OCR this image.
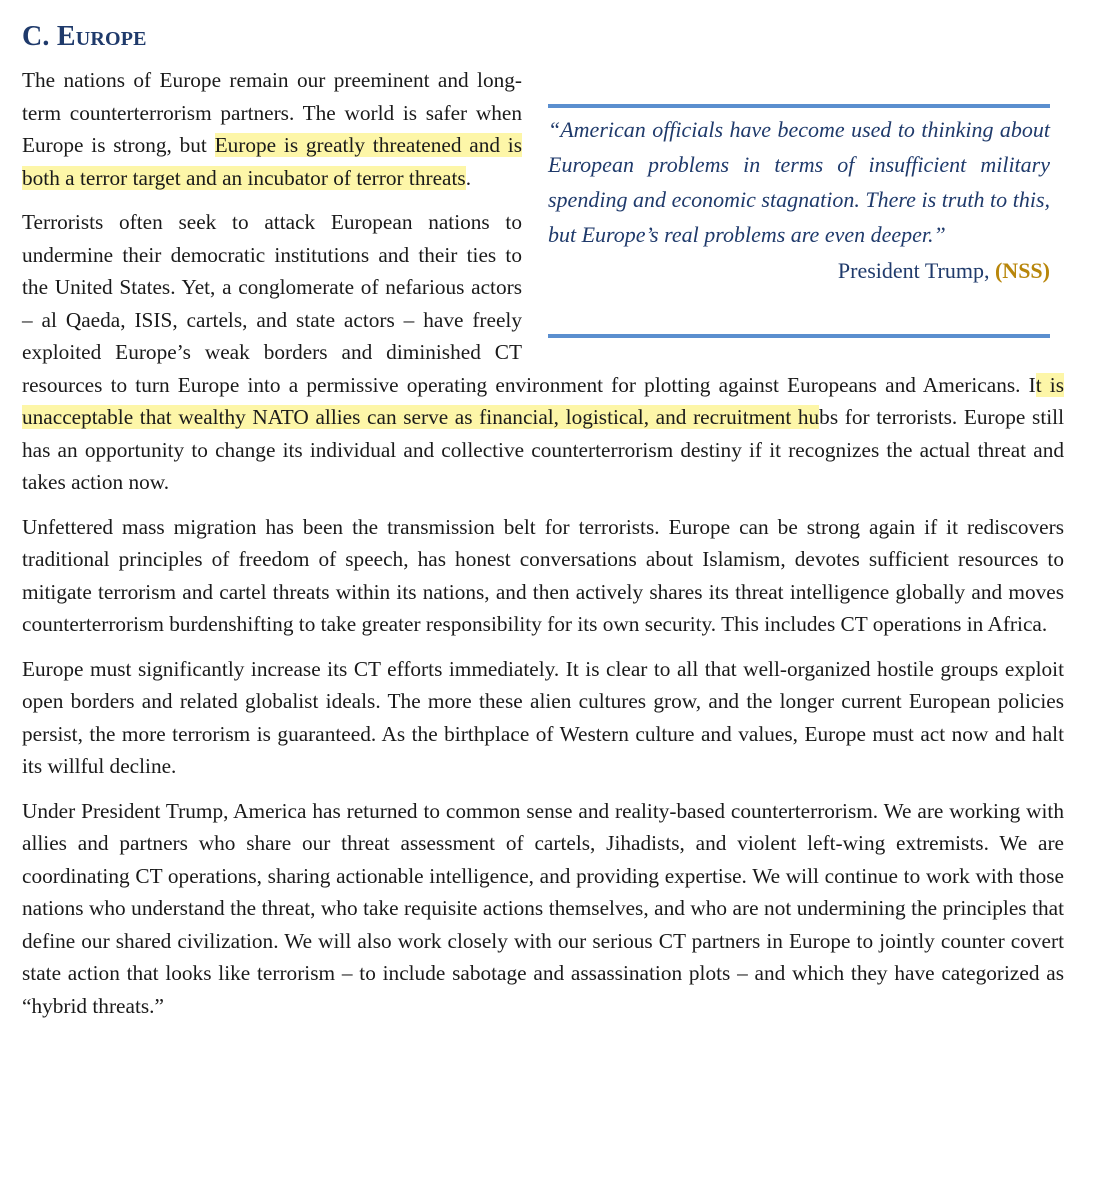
C. Europe

“American officials have become used to thinking about European problems in terms of insufficient military spending and economic stagnation. There is truth to this, but Europe’s real problems are even deeper.”

President Trump, (NSS)

The nations of Europe remain our preeminent and long-term counterterrorism partners. The world is safer when Europe is strong, but Europe is greatly threatened and is both a terror target and an incubator of terror threats.

Terrorists often seek to attack European nations to undermine their democratic institutions and their ties to the United States. Yet, a conglomerate of nefarious actors – al Qaeda, ISIS, cartels, and state actors – have freely exploited Europe’s weak borders and diminished CT resources to turn Europe into a permissive operating environment for plotting against Europeans and Americans. It is unacceptable that wealthy NATO allies can serve as financial, logistical, and recruitment hubs for terrorists. Europe still has an opportunity to change its individual and collective counterterrorism destiny if it recognizes the actual threat and takes action now.

Unfettered mass migration has been the transmission belt for terrorists. Europe can be strong again if it rediscovers traditional principles of freedom of speech, has honest conversations about Islamism, devotes sufficient resources to mitigate terrorism and cartel threats within its nations, and then actively shares its threat intelligence globally and moves counterterrorism burdenshifting to take greater responsibility for its own security. This includes CT operations in Africa.

Europe must significantly increase its CT efforts immediately. It is clear to all that well-organized hostile groups exploit open borders and related globalist ideals. The more these alien cultures grow, and the longer current European policies persist, the more terrorism is guaranteed. As the birthplace of Western culture and values, Europe must act now and halt its willful decline.

Under President Trump, America has returned to common sense and reality-based counterterrorism. We are working with allies and partners who share our threat assessment of cartels, Jihadists, and violent left-wing extremists. We are coordinating CT operations, sharing actionable intelligence, and providing expertise. We will continue to work with those nations who understand the threat, who take requisite actions themselves, and who are not undermining the principles that define our shared civilization. We will also work closely with our serious CT partners in Europe to jointly counter covert state action that looks like terrorism – to include sabotage and assassination plots – and which they have categorized as “hybrid threats.”
